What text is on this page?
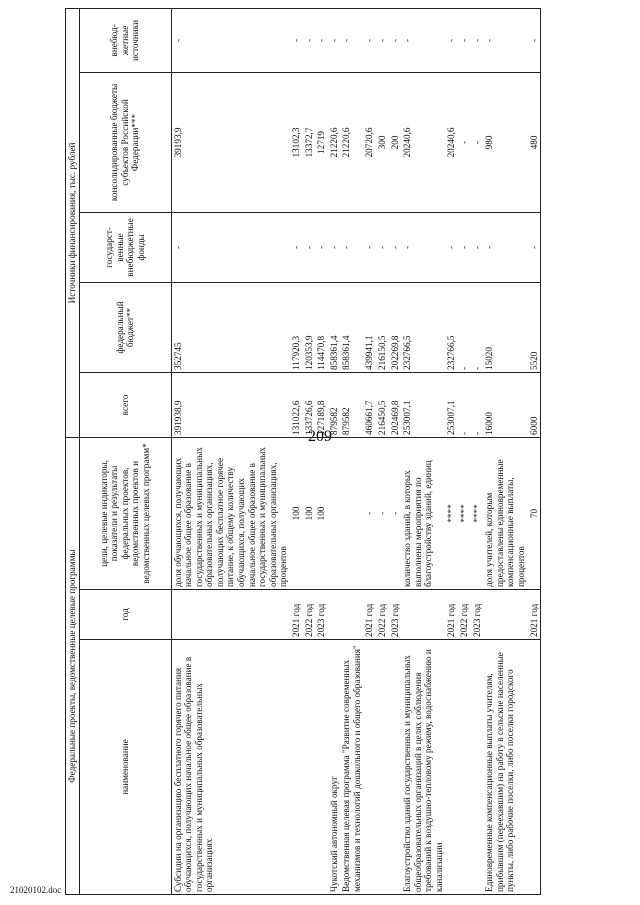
209
Федеральные проекты, ведомственные целевые программы			Источники финансирования, тыс. рублей				
наименование	год	цели, целевые индикаторы, показатели и результаты федеральных проектов, ведомственных проектов и ведомственных целевых программ*	всего	федеральный бюджет**	государст-венные внебюджетные фонды	консолидированные бюджеты субъектов Российской Федерации***	внебюд-жетные источники
Субсидии на организацию бесплатного горячего питания обучающихся, получающих начальное общее образование в государственных и муниципальных образовательных организациях		доля обучающихся, получающих начальное общее образование в государственных и муниципальных образовательных организациях, получающих бесплатное горячее питание, к общему количеству обучающихся, получающих начальное общее образование в государственных и муниципальных образовательных организациях, процентов	391938,9	352745	-	39193,9	-
	2021 год	100	131022,6	117920,3	-	13102,3	-
	2022 год	100	133726,6	120353,9	-	13372,7	-
	2023 год	100	127189,8	114470,8	-	12719	-
Чукотский автономный округ			879582	858361,4	-	21220,6	-
Ведомственная целевая программа "Развитие современных механизмов и технологий дошкольного и общего образования"			879582	858361,4	-	21220,6	-
	2021 год	-	460661,7	439941,1	-	20720,6	-
	2022 год	-	216450,5	216150,5	-	300	-
	2023 год	-	202469,8	202269,8	-	200	-
Благоустройство зданий государственных и муниципальных общеобразовательных организаций в целях соблюдения требований к воздушно-тепловому режиму, водоснабжению и канализации		количество зданий, в которых выполнены мероприятия по благоустройству зданий, единиц	253007,1	232766,5	-	20240,6	-
	2021 год	****	253007,1	232766,5	-	20240,6	-
	2022 год	****	-	-	-	-	-
	2023 год	****	-	-	-	-	-
Единовременные компенсационные выплаты учителям, прибывшим (переехавшим) на работу в сельские населенные пункты, либо рабочие поселки, либо поселки городского		доля учителей, которым предоставлены единовременные компенсационные выплаты, процентов	16000	15020	-	980	-
	2021 год	70	6000	5520	-	480	-
21020102.doc
